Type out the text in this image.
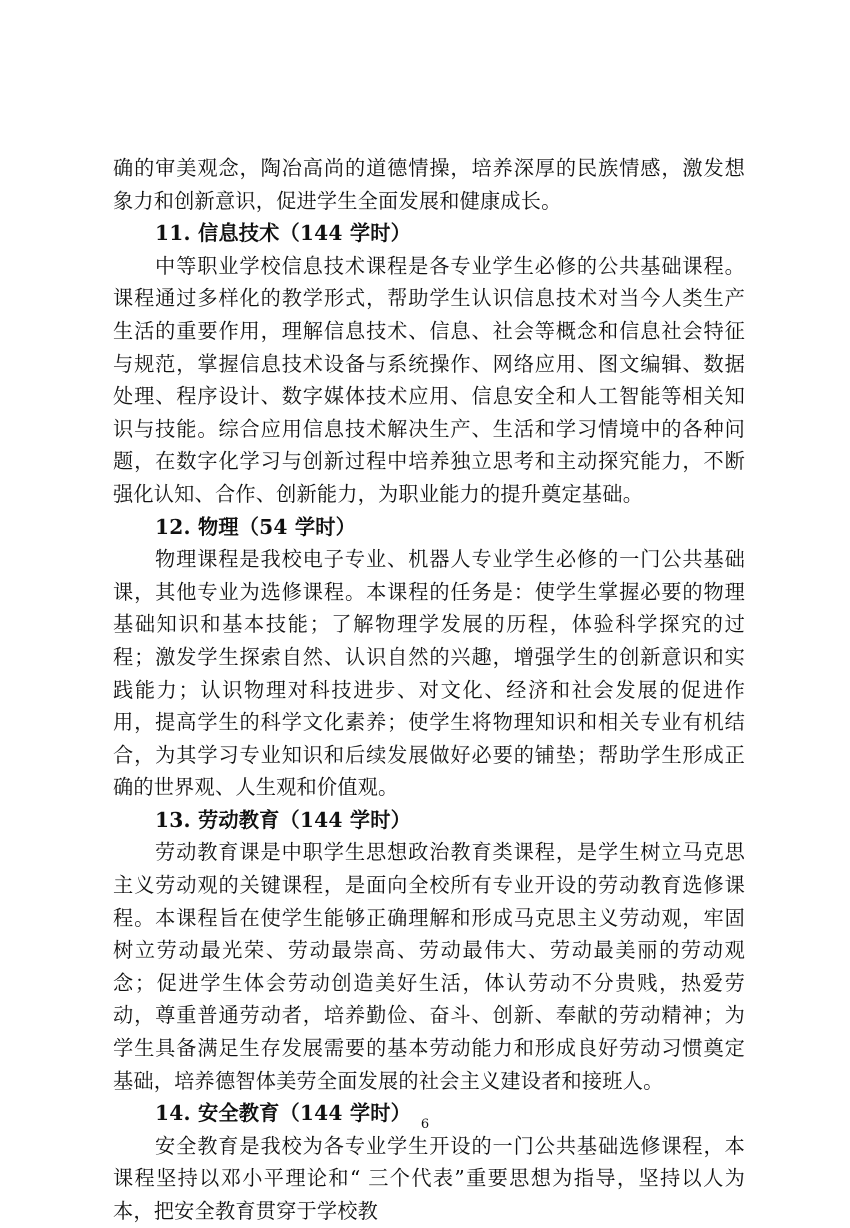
确的审美观念，陶冶高尚的道德情操，培养深厚的民族情感，激发想象力和创新意识，促进学生全面发展和健康成长。

11. 信息技术（144 学时）

中等职业学校信息技术课程是各专业学生必修的公共基础课程。课程通过多样化的教学形式，帮助学生认识信息技术对当今人类生产生活的重要作用，理解信息技术、信息、社会等概念和信息社会特征与规范，掌握信息技术设备与系统操作、网络应用、图文编辑、数据处理、程序设计、数字媒体技术应用、信息安全和人工智能等相关知识与技能。综合应用信息技术解决生产、生活和学习情境中的各种问题，在数字化学习与创新过程中培养独立思考和主动探究能力，不断强化认知、合作、创新能力，为职业能力的提升奠定基础。

12. 物理（54 学时）

物理课程是我校电子专业、机器人专业学生必修的一门公共基础课，其他专业为选修课程。本课程的任务是：使学生掌握必要的物理基础知识和基本技能；了解物理学发展的历程，体验科学探究的过程；激发学生探索自然、认识自然的兴趣，增强学生的创新意识和实践能力；认识物理对科技进步、对文化、经济和社会发展的促进作用，提高学生的科学文化素养；使学生将物理知识和相关专业有机结合，为其学习专业知识和后续发展做好必要的铺垫；帮助学生形成正确的世界观、人生观和价值观。

13. 劳动教育（144 学时）

劳动教育课是中职学生思想政治教育类课程，是学生树立马克思主义劳动观的关键课程，是面向全校所有专业开设的劳动教育选修课程。本课程旨在使学生能够正确理解和形成马克思主义劳动观，牢固树立劳动最光荣、劳动最崇高、劳动最伟大、劳动最美丽的劳动观念；促进学生体会劳动创造美好生活，体认劳动不分贵贱，热爱劳动，尊重普通劳动者，培养勤俭、奋斗、创新、奉献的劳动精神；为学生具备满足生存发展需要的基本劳动能力和形成良好劳动习惯奠定基础，培养德智体美劳全面发展的社会主义建设者和接班人。

14. 安全教育（144 学时）

安全教育是我校为各专业学生开设的一门公共基础选修课程，本课程坚持以邓小平理论和“ 三个代表”重要思想为指导，坚持以人为本，把安全教育贯穿于学校教

6
